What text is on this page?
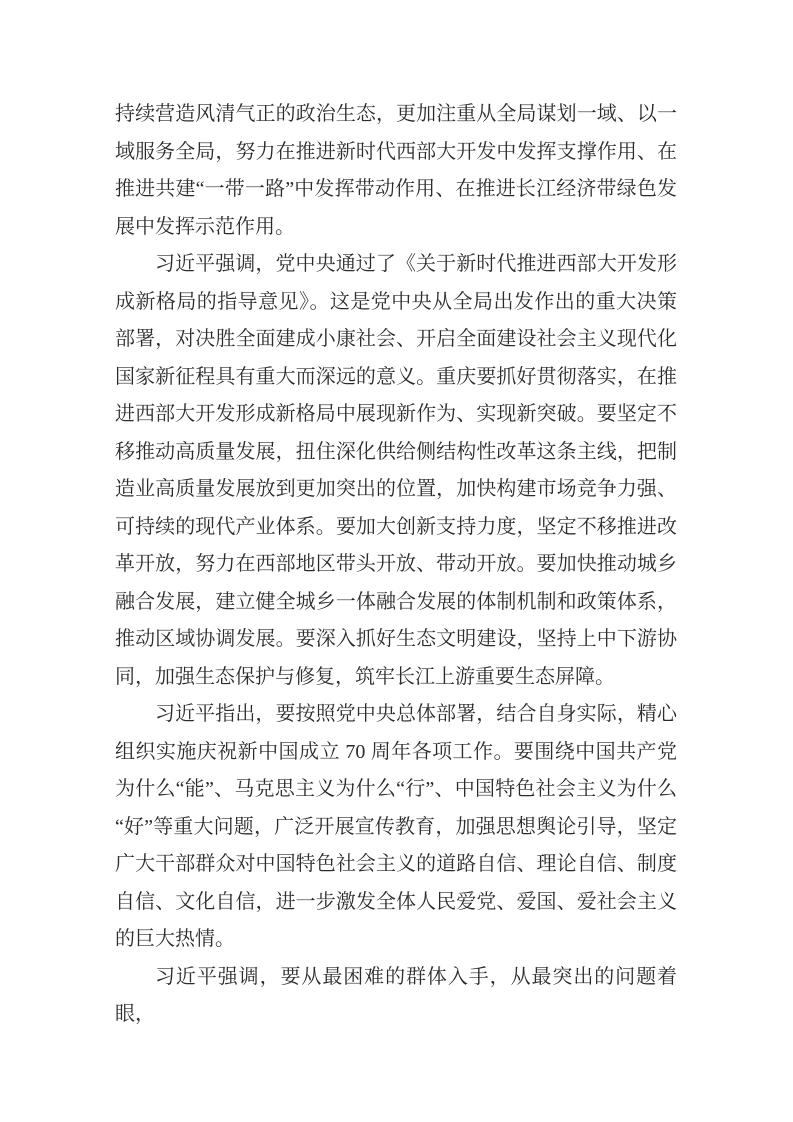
持续营造风清气正的政治生态，更加注重从全局谋划一域、以一域服务全局，努力在推进新时代西部大开发中发挥支撑作用、在推进共建“一带一路”中发挥带动作用、在推进长江经济带绿色发展中发挥示范作用。

习近平强调，党中央通过了《关于新时代推进西部大开发形成新格局的指导意见》。这是党中央从全局出发作出的重大决策部署，对决胜全面建成小康社会、开启全面建设社会主义现代化国家新征程具有重大而深远的意义。重庆要抓好贯彻落实，在推进西部大开发形成新格局中展现新作为、实现新突破。要坚定不移推动高质量发展，扭住深化供给侧结构性改革这条主线，把制造业高质量发展放到更加突出的位置，加快构建市场竞争力强、可持续的现代产业体系。要加大创新支持力度，坚定不移推进改革开放，努力在西部地区带头开放、带动开放。要加快推动城乡融合发展，建立健全城乡一体融合发展的体制机制和政策体系，推动区域协调发展。要深入抓好生态文明建设，坚持上中下游协同，加强生态保护与修复，筑牢长江上游重要生态屏障。

习近平指出，要按照党中央总体部署，结合自身实际，精心组织实施庆祝新中国成立 70 周年各项工作。要围绕中国共产党为什么“能”、马克思主义为什么“行”、中国特色社会主义为什么“好”等重大问题，广泛开展宣传教育，加强思想舆论引导，坚定广大干部群众对中国特色社会主义的道路自信、理论自信、制度自信、文化自信，进一步激发全体人民爱党、爱国、爱社会主义的巨大热情。

习近平强调，要从最困难的群体入手，从最突出的问题着眼，
